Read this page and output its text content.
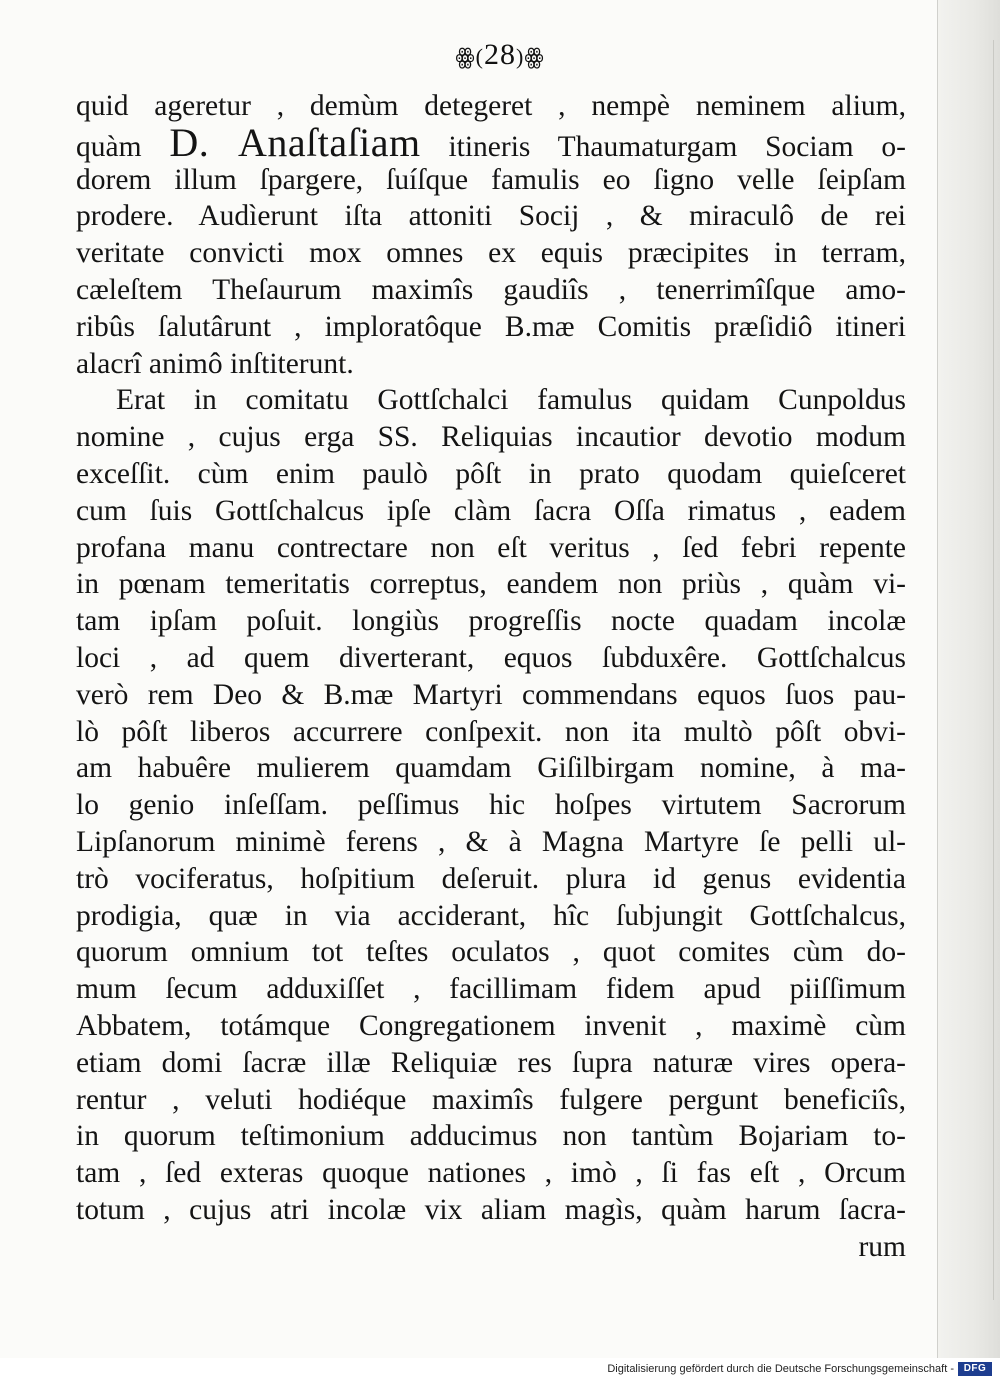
ꙮ(28)ꙮ
quid ageretur , demùm detegeret , nempè neminem alium,
quàm D. Anaſtaſiam itineris Thaumaturgam Sociam o-
dorem illum ſpargere, ſuíſque famulis eo ſigno velle ſeipſam
prodere. Audìerunt iſta attoniti Socij , & miraculô de rei
veritate convicti mox omnes ex equis præcipites in terram,
cæleſtem Theſaurum maximîs gaudiîs , tenerrimîſque amo-
ribûs ſalutârunt , imploratôque B.mæ Comitis præſidiô itineri
alacrî animô inſtiterunt.
Erat in comitatu Gottſchalci famulus quidam Cunpoldus
nomine , cujus erga SS. Reliquias incautior devotio modum
exceſſit. cùm enim paulò pôſt in prato quodam quieſceret
cum ſuis Gottſchalcus ipſe clàm ſacra Oſſa rimatus , eadem
profana manu contrectare non eſt veritus , ſed febri repente
in pœnam temeritatis correptus, eandem non priùs , quàm vi-
tam ipſam poſuit. longiùs progreſſis nocte quadam incolæ
loci , ad quem diverterant, equos ſubduxêre. Gottſchalcus
verò rem Deo & B.mæ Martyri commendans equos ſuos pau-
lò pôſt liberos accurrere conſpexit. non ita multò pôſt obvi-
am habuêre mulierem quamdam Giſilbirgam nomine, à ma-
lo genio inſeſſam. peſſimus hic hoſpes virtutem Sacrorum
Lipſanorum minimè ferens , & à Magna Martyre ſe pelli ul-
trò vociferatus, hoſpitium deſeruit. plura id genus evidentia
prodigia, quæ in via acciderant, hîc ſubjungit Gottſchalcus,
quorum omnium tot teſtes oculatos , quot comites cùm do-
mum ſecum adduxiſſet , facillimam fidem apud piiſſimum
Abbatem, totámque Congregationem invenit , maximè cùm
etiam domi ſacræ illæ Reliquiæ res ſupra naturæ vires opera-
rentur , veluti hodiéque maximîs fulgere pergunt beneficiîs,
in quorum teſtimonium adducimus non tantùm Bojariam to-
tam , ſed exteras quoque nationes , imò , ſi fas eſt , Orcum
totum , cujus atri incolæ vix aliam magìs, quàm harum ſacra-
rum
Digitalisierung gefördert durch die Deutsche Forschungsgemeinschaft - DFG
